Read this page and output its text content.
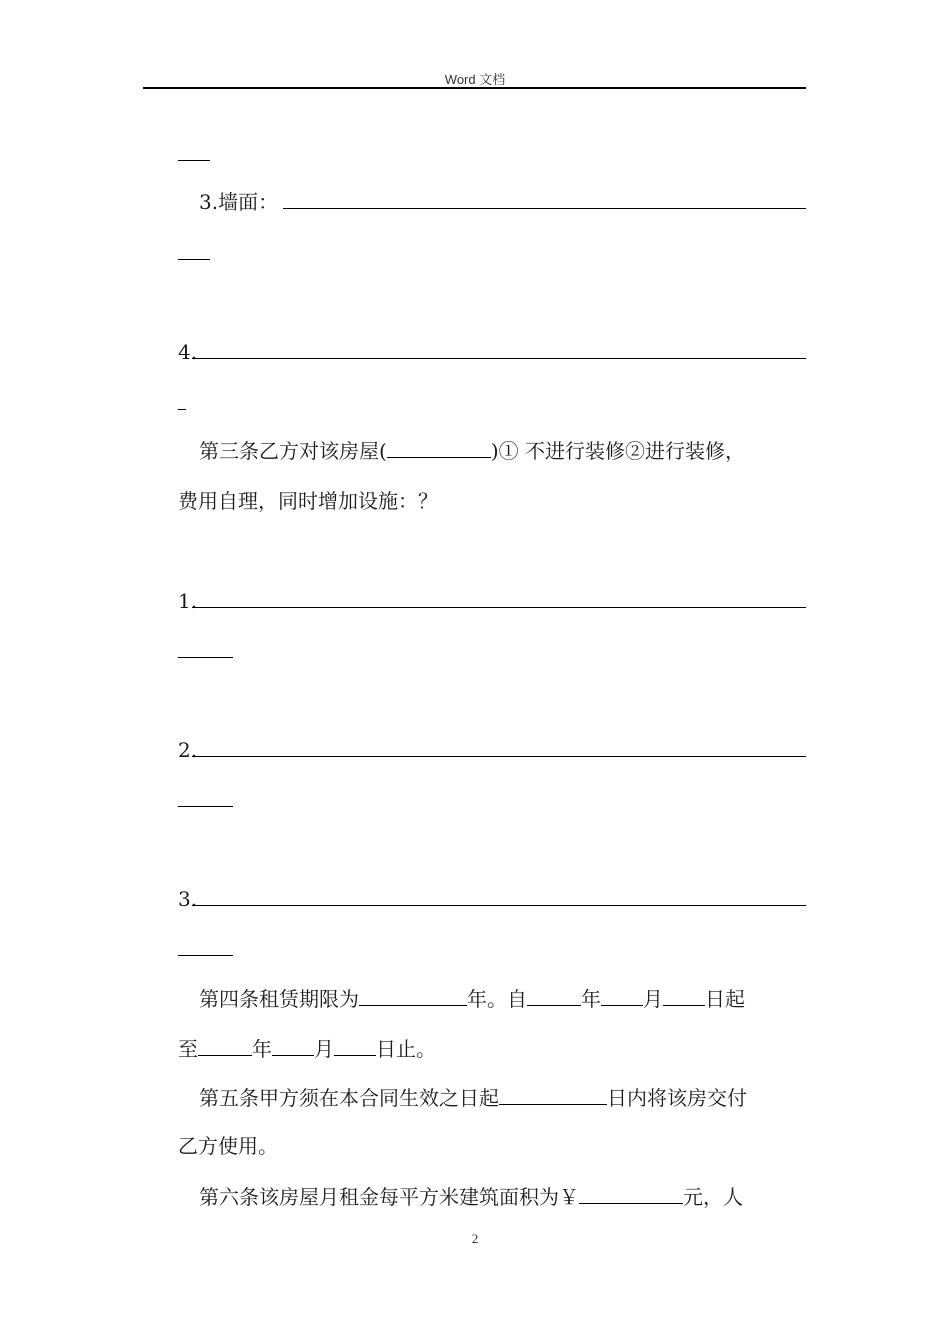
Word 文档
3.墙面：
4.
第三条乙方对该房屋(	)① 不进行装修②进行装修，
费用自理，同时增加设施：？
1.
2.
3.
第四条租赁期限为	年。自	年 月 日起
至	年 月 日止。
第五条甲方须在本合同生效之日起	日内将该房交付
乙方使用。
第六条该房屋月租金每平方米建筑面积为￥	元，人
2
